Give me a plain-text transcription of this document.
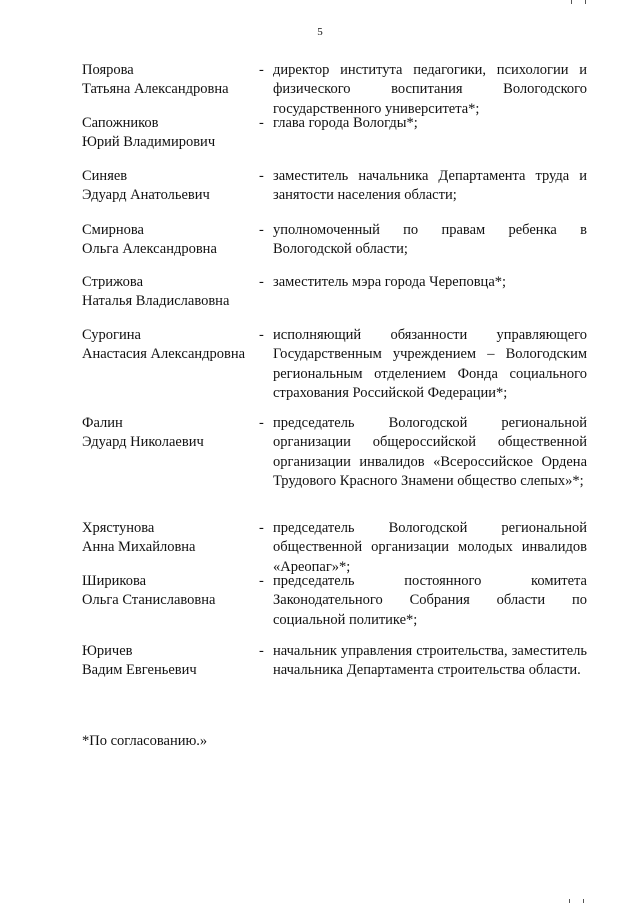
5
Поярова
Татьяна Александровна
- директор института педагогики, психологии и физического воспитания Вологодского государственного университета*;
Сапожников
Юрий Владимирович
- глава города Вологды*;
Синяев
Эдуард Анатольевич
- заместитель начальника Департамента труда и занятости населения области;
Смирнова
Ольга Александровна
- уполномоченный по правам ребенка в Вологодской области;
Стрижова
Наталья Владиславовна
- заместитель мэра города Череповца*;
Сурогина
Анастасия Александровна
- исполняющий обязанности управляющего Государственным учреждением – Вологодским региональным отделением Фонда социального страхования Российской Федерации*;
Фалин
Эдуард Николаевич
- председатель Вологодской региональной организации общероссийской общественной организации инвалидов «Всероссийское Ордена Трудового Красного Знамени общество слепых»*;
Хрястунова
Анна Михайловна
- председатель Вологодской региональной общественной организации молодых инвалидов «Ареопаг»*;
Ширикова
Ольга Станиславовна
- председатель постоянного комитета Законодательного Собрания области по социальной политике*;
Юричев
Вадим Евгеньевич
- начальник управления строительства, заместитель начальника Департамента строительства области.
*По согласованию.»
